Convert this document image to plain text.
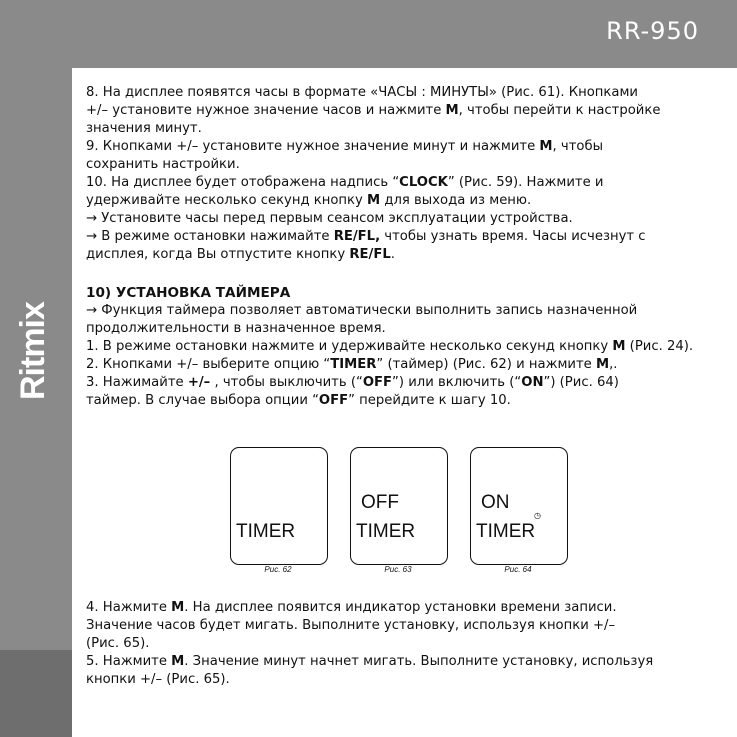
RR-950
Ritmix

8. На дисплее появятся часы в формате «ЧАСЫ : МИНУТЫ» (Рис. 61). Кнопками

+/– установите нужное значение часов и нажмите M, чтобы перейти к настройке

значения минут.

9. Кнопками +/– установите нужное значение минут и нажмите M, чтобы

сохранить настройки.

10. На дисплее будет отображена надпись “CLOCK” (Рис. 59). Нажмите и

удерживайте несколько секунд кнопку M для выхода из меню.

→ Установите часы перед первым сеансом эксплуатации устройства.

→ В режиме остановки нажимайте RE/FL, чтобы узнать время. Часы исчезнут с

дисплея, когда Вы отпустите кнопку RE/FL.

10) УСТАНОВКА ТАЙМЕРА

→ Функция таймера позволяет автоматически выполнить запись назначенной

продолжительности в назначенное время.

1. В режиме остановки нажмите и удерживайте несколько секунд кнопку M (Рис. 24).

2. Кнопками +/– выберите опцию “TIMER” (таймер) (Рис. 62) и нажмите M,.

3. Нажимайте +/– , чтобы выключить (“OFF”) или включить (“ON”) (Рис. 64)

таймер. В случае выбора опции “OFF” перейдите к шагу 10.

TIMER
Рис. 62
OFF
TIMER
Рис. 63
ON
TIMER
◷
Рис. 64

4. Нажмите M. На дисплее появится индикатор установки времени записи.

Значение часов будет мигать. Выполните установку, используя кнопки +/–

(Рис. 65).

5. Нажмите M. Значение минут начнет мигать. Выполните установку, используя

кнопки +/– (Рис. 65).
